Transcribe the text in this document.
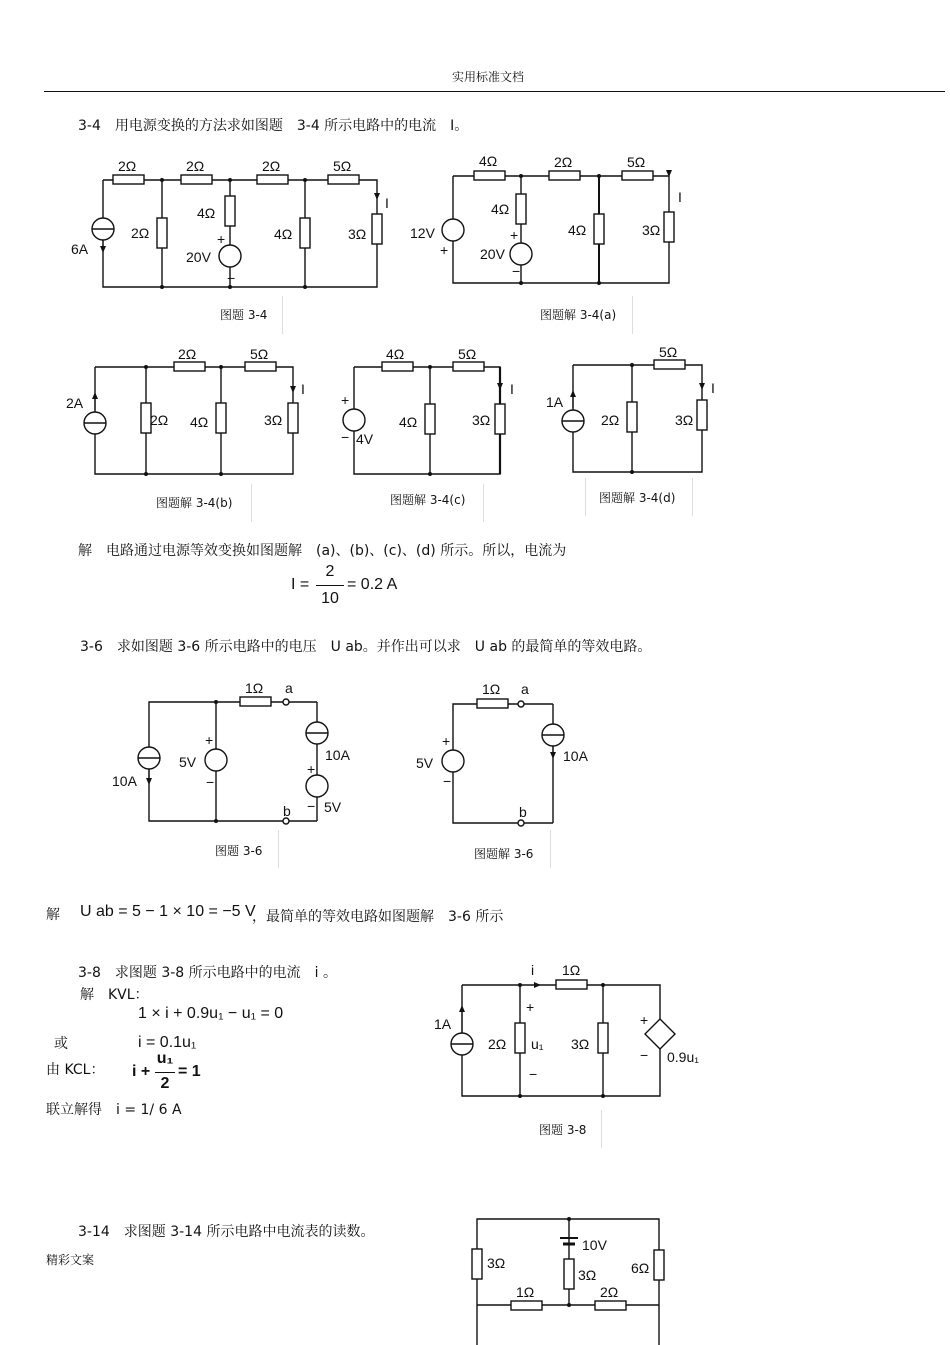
实用标准文档
3-4　用电源变换的方法求如图题　3-4 所示电路中的电流　I。
图题 3-4	图题解 3-4(a)
图题解 3-4(b)	图题解 3-4(c)	图题解 3-4(d)
解　电路通过电源等效变换如图题解　(a)、(b)、(c)、(d) 所示。所以，电流为
I =
2
10
= 0.2 A
3-6　求如图题 3-6 所示电路中的电压　U ab。并作出可以求　U ab 的最简单的等效电路。
图题 3-6	图题解 3-6
解 U ab = 5 − 1 × 10 = −5 V
，最简单的等效电路如图题解　3-6 所示
3-8　求图题 3-8 所示电路中的电流　i 。
解　KVL：
1 × i + 0.9u₁ − u₁ = 0
或	i = 0.1u₁
由 KCL： i +
u₁
2
= 1
联立解得　i = 1/ 6 A
图题 3-8
3-14　求图题 3-14 所示电路中电流表的读数。
精彩文案
2Ω	2Ω	2Ω	5Ω
4Ω
2Ω	4Ω	3Ω
I
6A	20V
+
−
4Ω	2Ω	5Ω
4Ω
4Ω	3Ω
I
12V
+ 20V
+
−
2Ω	5Ω
2Ω 4Ω	3Ω
I
2A
4Ω	5Ω
4Ω	3Ω
I
+
− 4V
5Ω
2Ω	3Ω
I
1A
1Ω a
b
10A
5V
+
−
10A
+
− 5V
1Ω a
b
5V
+
−
10A
i 1Ω
1A
2Ω u₁
+
−
3Ω
+
− 0.9u₁
10V
3Ω
3Ω 6Ω
1Ω	2Ω
